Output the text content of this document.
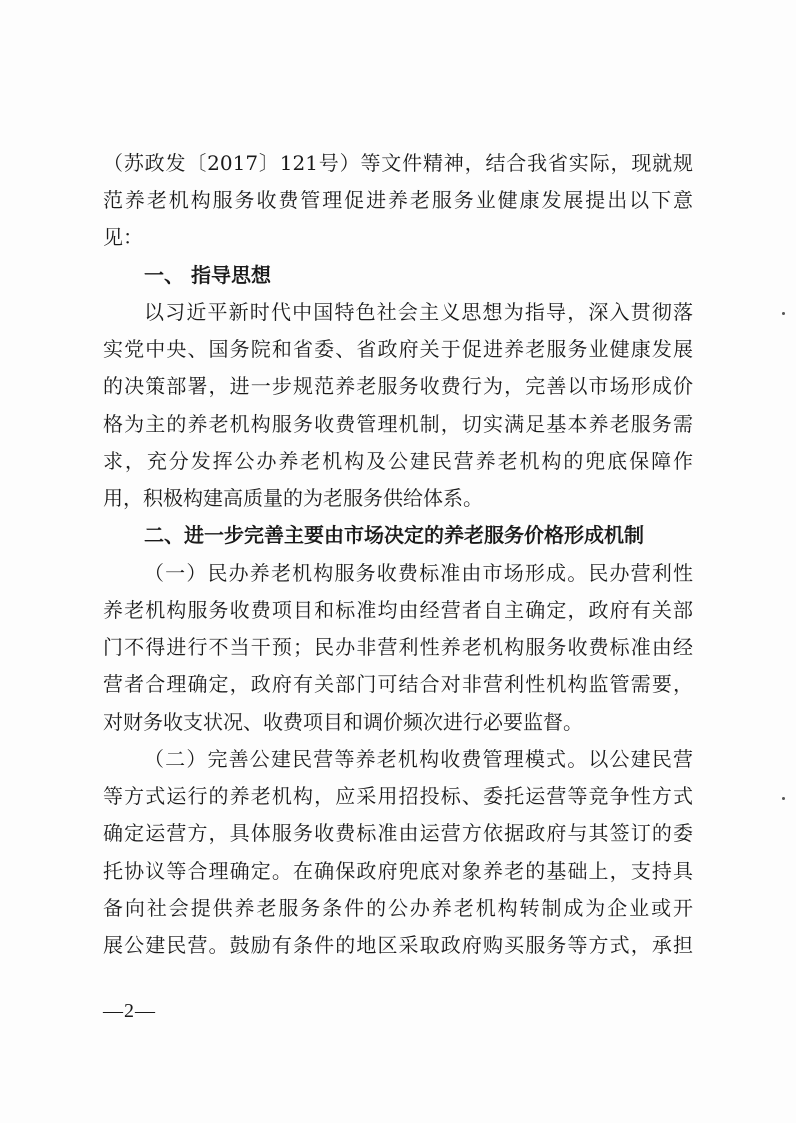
（苏政发〔2017〕121号）等文件精神，结合我省实际，现就规
范养老机构服务收费管理促进养老服务业健康发展提出以下意
见：
一、 指导思想
以习近平新时代中国特色社会主义思想为指导，深入贯彻落
实党中央、国务院和省委、省政府关于促进养老服务业健康发展
的决策部署，进一步规范养老服务收费行为，完善以市场形成价
格为主的养老机构服务收费管理机制，切实满足基本养老服务需
求，充分发挥公办养老机构及公建民营养老机构的兜底保障作
用，积极构建高质量的为老服务供给体系。
二、进一步完善主要由市场决定的养老服务价格形成机制
（一）民办养老机构服务收费标准由市场形成。民办营利性
养老机构服务收费项目和标准均由经营者自主确定，政府有关部
门不得进行不当干预；民办非营利性养老机构服务收费标准由经
营者合理确定，政府有关部门可结合对非营利性机构监管需要，
对财务收支状况、收费项目和调价频次进行必要监督。
（二）完善公建民营等养老机构收费管理模式。以公建民营
等方式运行的养老机构，应采用招投标、委托运营等竞争性方式
确定运营方，具体服务收费标准由运营方依据政府与其签订的委
托协议等合理确定。在确保政府兜底对象养老的基础上，支持具
备向社会提供养老服务条件的公办养老机构转制成为企业或开
展公建民营。鼓励有条件的地区采取政府购买服务等方式，承担
—2—
